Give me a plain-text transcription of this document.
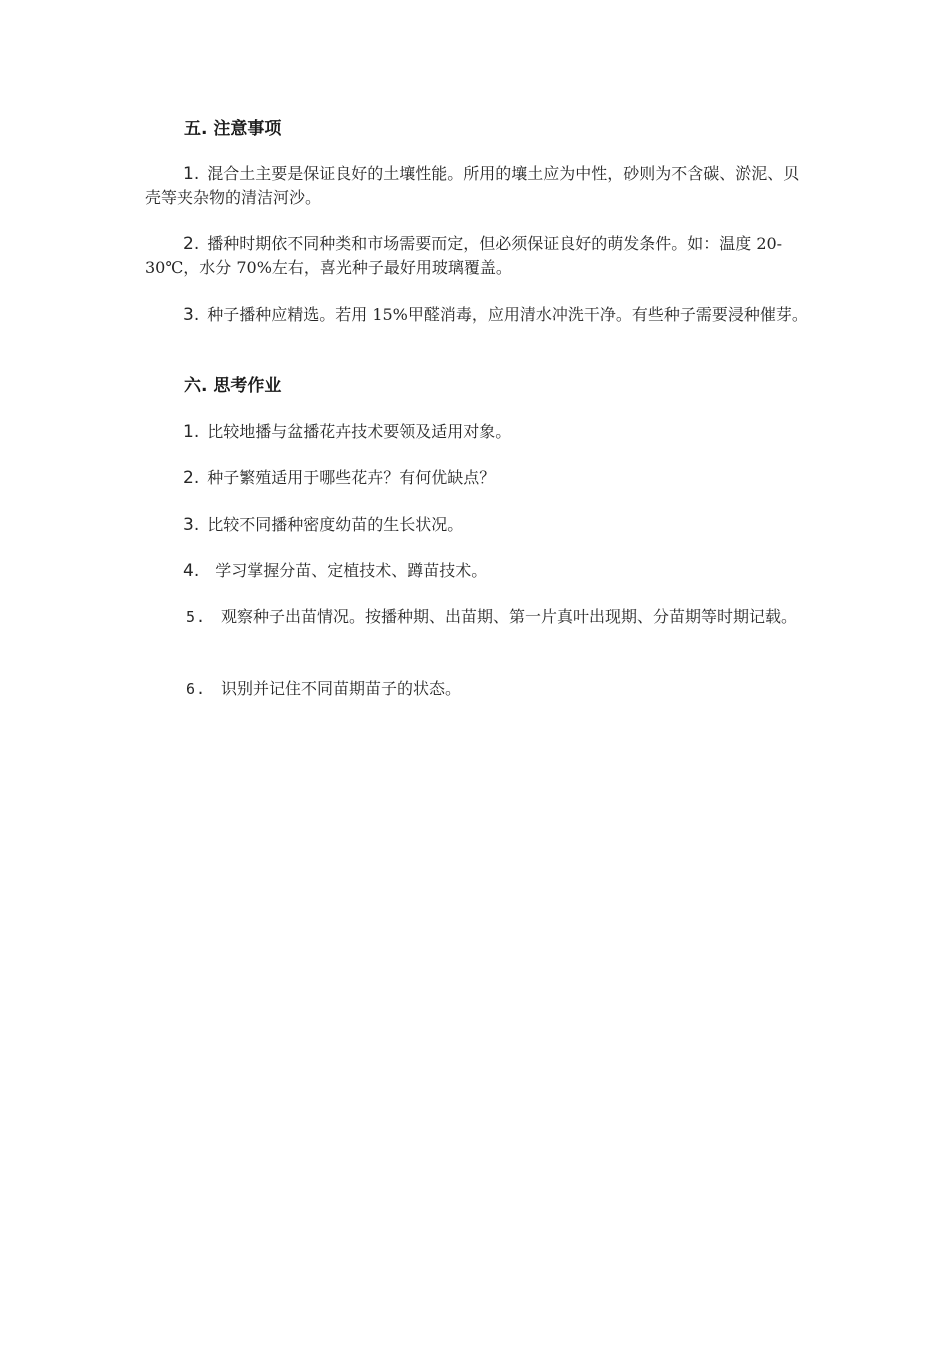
五. 注意事项
1. 混合土主要是保证良好的土壤性能。所用的壤土应为中性，砂则为不含碳、淤泥、贝壳等夹杂物的清洁河沙。
2. 播种时期依不同种类和市场需要而定，但必须保证良好的萌发条件。如：温度 20-30℃，水分 70%左右，喜光种子最好用玻璃覆盖。
3. 种子播种应精选。若用 15%甲醛消毒，应用清水冲洗干净。有些种子需要浸种催芽。
六. 思考作业
1. 比较地播与盆播花卉技术要领及适用对象。
2. 种子繁殖适用于哪些花卉？有何优缺点？
3. 比较不同播种密度幼苗的生长状况。
4. 学习掌握分苗、定植技术、蹲苗技术。
5. 观察种子出苗情况。按播种期、出苗期、第一片真叶出现期、分苗期等时期记载。
6. 识别并记住不同苗期苗子的状态。
